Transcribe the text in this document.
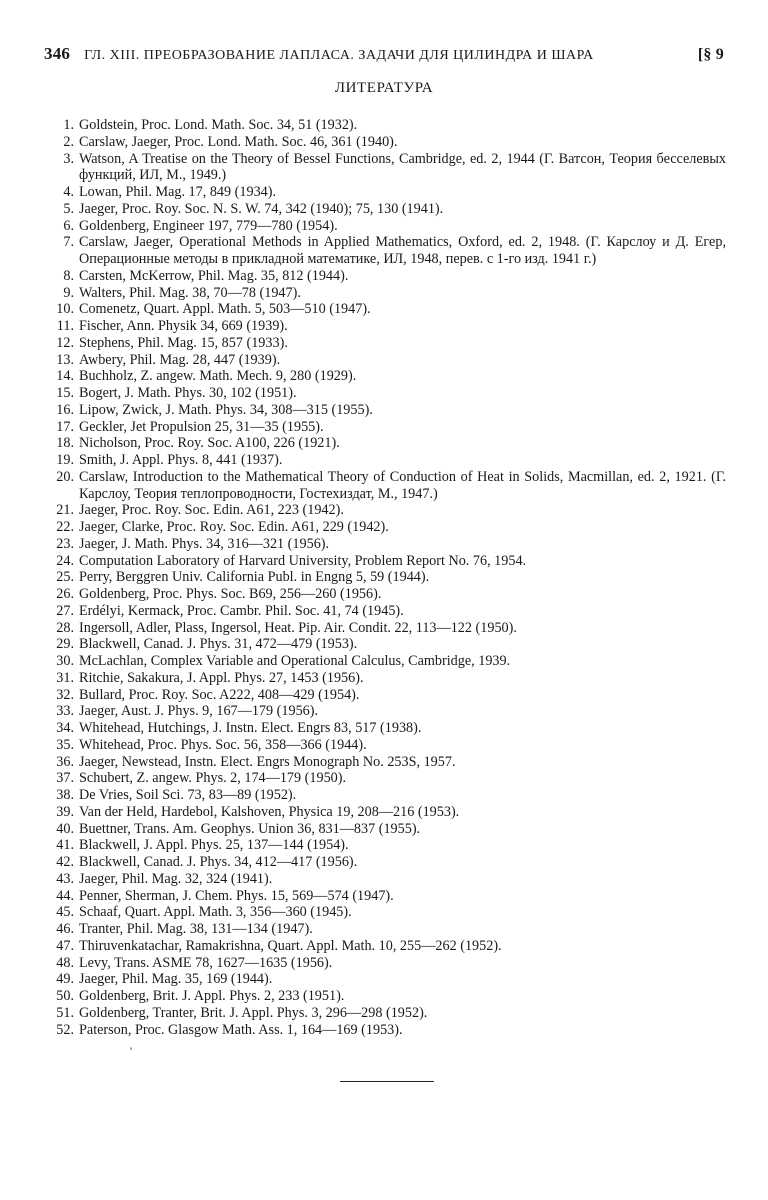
346 ГЛ. XIII. ПРЕОБРАЗОВАНИЕ ЛАПЛАСА. ЗАДАЧИ ДЛЯ ЦИЛИНДРА И ШАРА	[§ 9
ЛИТЕРАТУРА
1. Goldstein, Proc. Lond. Math. Soc. 34, 51 (1932).
2. Carslaw, Jaeger, Proc. Lond. Math. Soc. 46, 361 (1940).
3. Watson, A Treatise on the Theory of Bessel Functions, Cambridge, ed. 2, 1944 (Г. Ватсон, Теория бесселевых функций, ИЛ, М., 1949.)
4. Lowan, Phil. Mag. 17, 849 (1934).
5. Jaeger, Proc. Roy. Soc. N. S. W. 74, 342 (1940); 75, 130 (1941).
6. Goldenberg, Engineer 197, 779—780 (1954).
7. Carslaw, Jaeger, Operational Methods in Applied Mathematics, Oxford, ed. 2, 1948. (Г. Карслоу и Д. Егер, Операционные методы в прикладной математике, ИЛ, 1948, перев. с 1-го изд. 1941 г.)
8. Carsten, McKerrow, Phil. Mag. 35, 812 (1944).
9. Walters, Phil. Mag. 38, 70—78 (1947).
10. Comenetz, Quart. Appl. Math. 5, 503—510 (1947).
11. Fischer, Ann. Physik 34, 669 (1939).
12. Stephens, Phil. Mag. 15, 857 (1933).
13. Awbery, Phil. Mag. 28, 447 (1939).
14. Buchholz, Z. angew. Math. Mech. 9, 280 (1929).
15. Bogert, J. Math. Phys. 30, 102 (1951).
16. Lipow, Zwick, J. Math. Phys. 34, 308—315 (1955).
17. Geckler, Jet Propulsion 25, 31—35 (1955).
18. Nicholson, Proc. Roy. Soc. A100, 226 (1921).
19. Smith, J. Appl. Phys. 8, 441 (1937).
20. Carslaw, Introduction to the Mathematical Theory of Conduction of Heat in Solids, Macmillan, ed. 2, 1921. (Г. Карслоу, Теория теплопроводности, Гостехиздат, М., 1947.)
21. Jaeger, Proc. Roy. Soc. Edin. A61, 223 (1942).
22. Jaeger, Clarke, Proc. Roy. Soc. Edin. A61, 229 (1942).
23. Jaeger, J. Math. Phys. 34, 316—321 (1956).
24. Computation Laboratory of Harvard University, Problem Report No. 76, 1954.
25. Perry, Berggren Univ. California Publ. in Engng 5, 59 (1944).
26. Goldenberg, Proc. Phys. Soc. B69, 256—260 (1956).
27. Erdélyi, Kermack, Proc. Cambr. Phil. Soc. 41, 74 (1945).
28. Ingersoll, Adler, Plass, Ingersol, Heat. Pip. Air. Condit. 22, 113—122 (1950).
29. Blackwell, Canad. J. Phys. 31, 472—479 (1953).
30. McLachlan, Complex Variable and Operational Calculus, Cambridge, 1939.
31. Ritchie, Sakakura, J. Appl. Phys. 27, 1453 (1956).
32. Bullard, Proc. Roy. Soc. A222, 408—429 (1954).
33. Jaeger, Aust. J. Phys. 9, 167—179 (1956).
34. Whitehead, Hutchings, J. Instn. Elect. Engrs 83, 517 (1938).
35. Whitehead, Proc. Phys. Soc. 56, 358—366 (1944).
36. Jaeger, Newstead, Instn. Elect. Engrs Monograph No. 253S, 1957.
37. Schubert, Z. angew. Phys. 2, 174—179 (1950).
38. De Vries, Soil Sci. 73, 83—89 (1952).
39. Van der Held, Hardebol, Kalshoven, Physica 19, 208—216 (1953).
40. Buettner, Trans. Am. Geophys. Union 36, 831—837 (1955).
41. Blackwell, J. Appl. Phys. 25, 137—144 (1954).
42. Blackwell, Canad. J. Phys. 34, 412—417 (1956).
43. Jaeger, Phil. Mag. 32, 324 (1941).
44. Penner, Sherman, J. Chem. Phys. 15, 569—574 (1947).
45. Schaaf, Quart. Appl. Math. 3, 356—360 (1945).
46. Tranter, Phil. Mag. 38, 131—134 (1947).
47. Thiruvenkatachar, Ramakrishna, Quart. Appl. Math. 10, 255—262 (1952).
48. Levy, Trans. ASME 78, 1627—1635 (1956).
49. Jaeger, Phil. Mag. 35, 169 (1944).
50. Goldenberg, Brit. J. Appl. Phys. 2, 233 (1951).
51. Goldenberg, Tranter, Brit. J. Appl. Phys. 3, 296—298 (1952).
52. Paterson, Proc. Glasgow Math. Ass. 1, 164—169 (1953).
'
